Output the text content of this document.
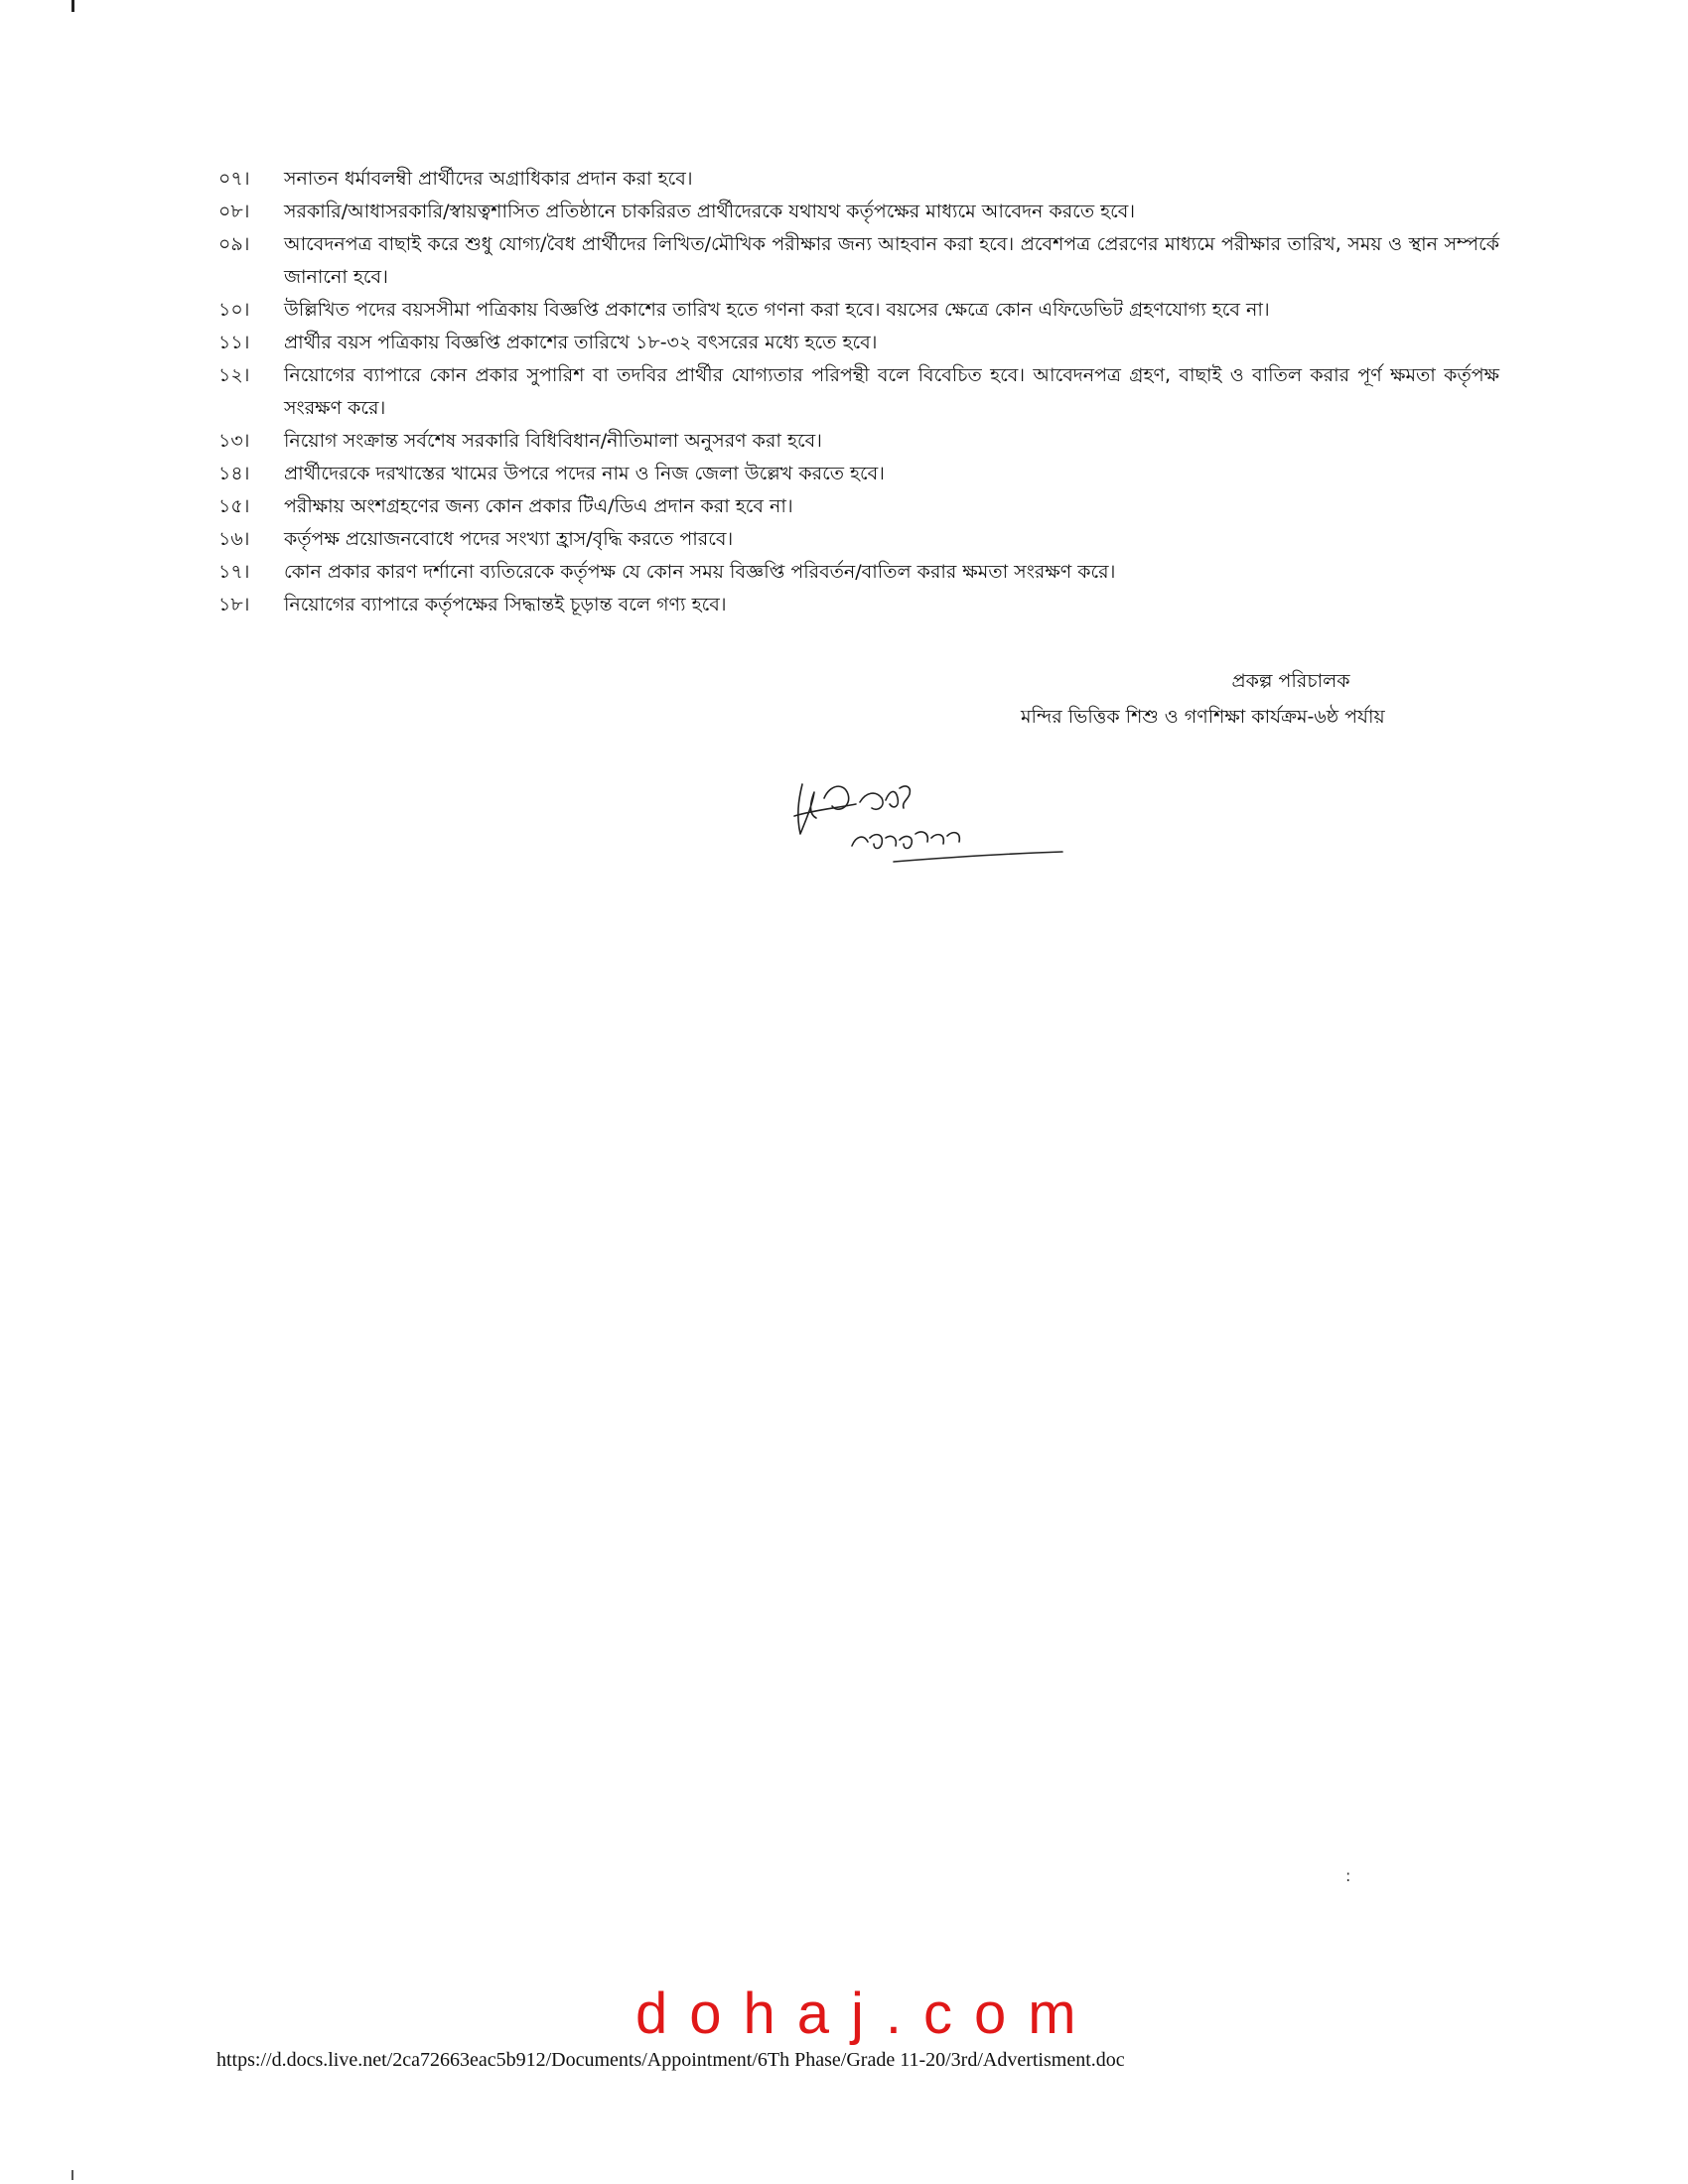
০৭।	সনাতন ধর্মাবলম্বী প্রার্থীদের অগ্রাধিকার প্রদান করা হবে।
০৮।	সরকারি/আধাসরকারি/স্বায়ত্বশাসিত প্রতিষ্ঠানে চাকরিরত প্রার্থীদেরকে যথাযথ কর্তৃপক্ষের মাধ্যমে আবেদন করতে হবে।
০৯।	আবেদনপত্র বাছাই করে শুধু যোগ্য/বৈধ প্রার্থীদের লিখিত/মৌখিক পরীক্ষার জন্য আহবান করা হবে। প্রবেশপত্র প্রেরণের মাধ্যমে পরীক্ষার তারিখ, সময় ও স্থান সম্পর্কে জানানো হবে।
১০।	উল্লিখিত পদের বয়সসীমা পত্রিকায় বিজ্ঞপ্তি প্রকাশের তারিখ হতে গণনা করা হবে। বয়সের ক্ষেত্রে কোন এফিডেভিট গ্রহণযোগ্য হবে না।
১১।	প্রার্থীর বয়স পত্রিকায় বিজ্ঞপ্তি প্রকাশের তারিখে ১৮-৩২ বৎসরের মধ্যে হতে হবে।
১২।	নিয়োগের ব্যাপারে কোন প্রকার সুপারিশ বা তদবির প্রার্থীর যোগ্যতার পরিপন্থী বলে বিবেচিত হবে। আবেদনপত্র গ্রহণ, বাছাই ও বাতিল করার পূর্ণ ক্ষমতা কর্তৃপক্ষ সংরক্ষণ করে।
১৩।	নিয়োগ সংক্রান্ত সর্বশেষ সরকারি বিধিবিধান/নীতিমালা অনুসরণ করা হবে।
১৪।	প্রার্থীদেরকে দরখাস্তের খামের উপরে পদের নাম ও নিজ জেলা উল্লেখ করতে হবে।
১৫।	পরীক্ষায় অংশগ্রহণের জন্য কোন প্রকার টিএ/ডিএ প্রদান করা হবে না।
১৬।	কর্তৃপক্ষ প্রয়োজনবোধে পদের সংখ্যা হ্রাস/বৃদ্ধি করতে পারবে।
১৭।	কোন প্রকার কারণ দর্শানো ব্যতিরেকে কর্তৃপক্ষ যে কোন সময় বিজ্ঞপ্তি পরিবর্তন/বাতিল করার ক্ষমতা সংরক্ষণ করে।
১৮।	নিয়োগের ব্যাপারে কর্তৃপক্ষের সিদ্ধান্তই চূড়ান্ত বলে গণ্য হবে।
প্রকল্প পরিচালক
মন্দির ভিত্তিক শিশু ও গণশিক্ষা কার্যক্রম-৬ষ্ঠ পর্যায়
:
dohaj.com
https://d.docs.live.net/2ca72663eac5b912/Documents/Appointment/6Th Phase/Grade 11-20/3rd/Advertisment.doc
